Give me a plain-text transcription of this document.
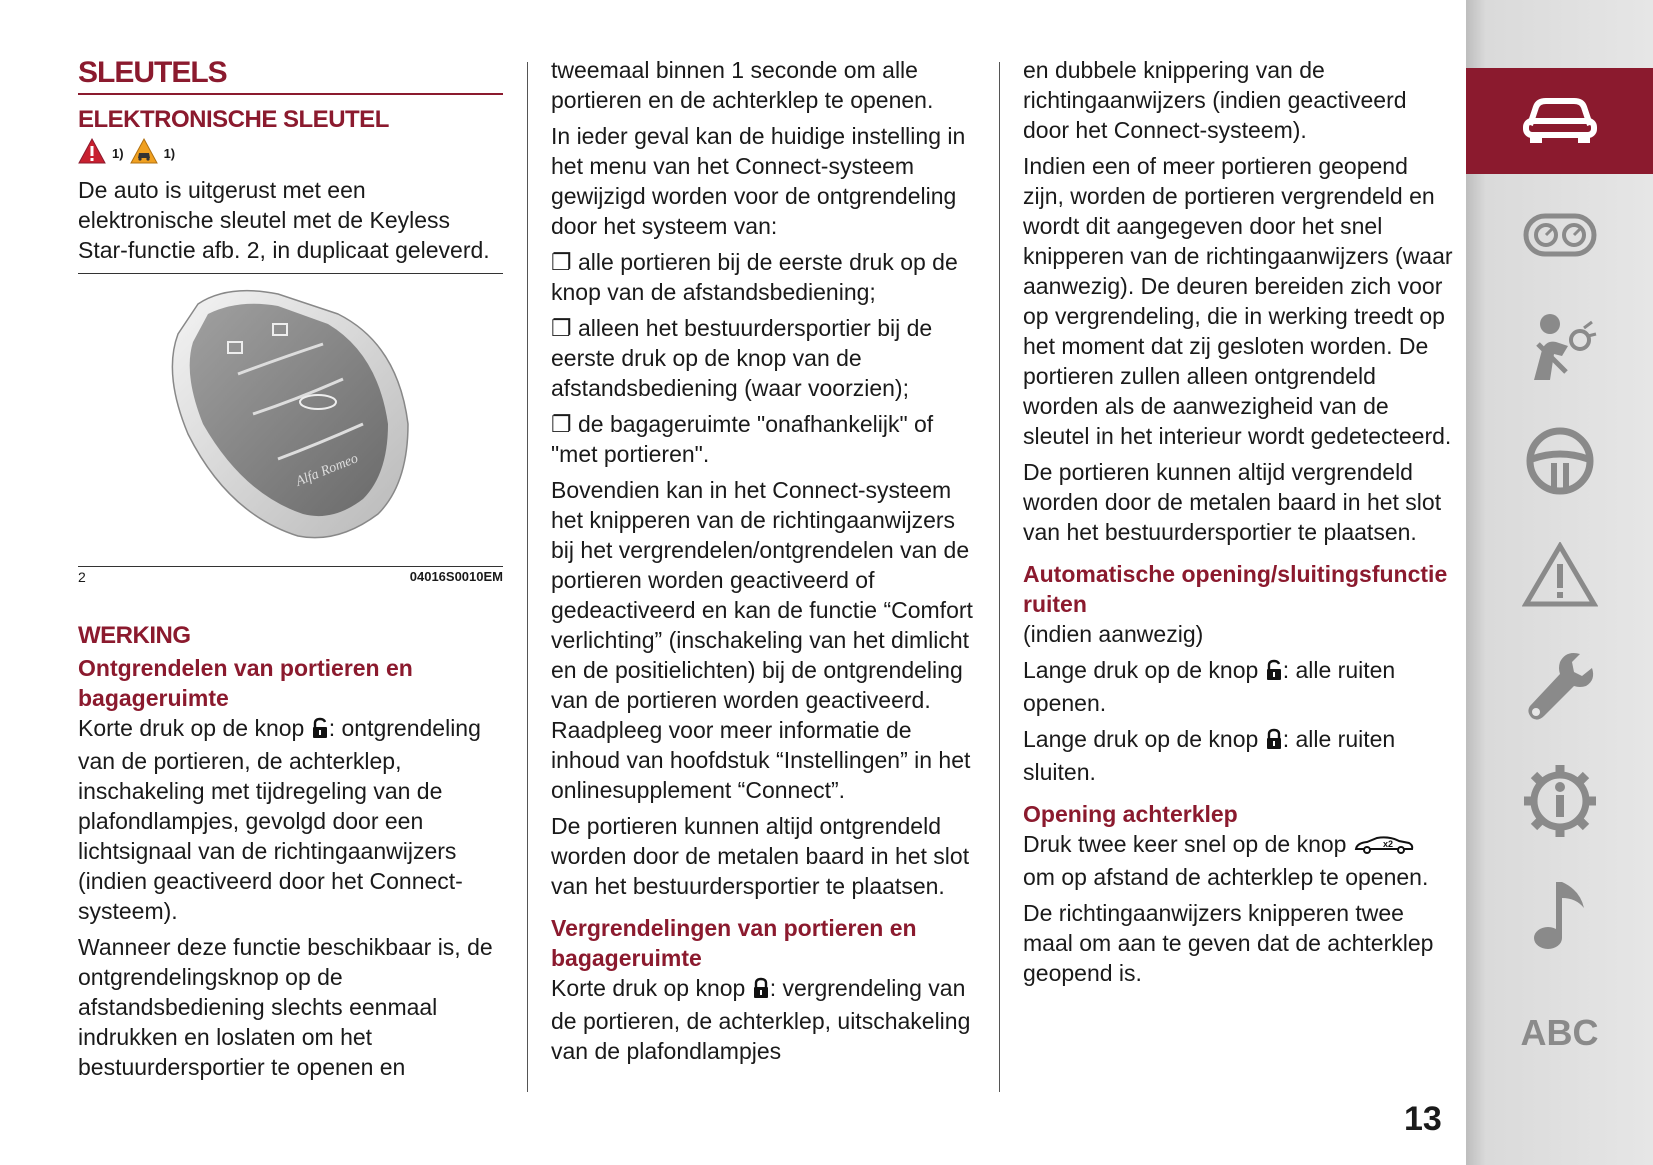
SLEUTELS
ELEKTRONISCHE SLEUTEL
1)	1)

De auto is uitgerust met een elektronische sleutel met de Keyless Star-functie afb. 2, in duplicaat geleverd.

Alfa Romeo
2	04016S0010EM
WERKING
Ontgrendelen van portieren en bagageruimte

Korte druk op de knop : ontgrendeling van de portieren, de achterklep, inschakeling met tijdregeling van de plafondlampjes, gevolgd door een lichtsignaal van de richtingaanwijzers (indien geactiveerd door het Connect-systeem).

Wanneer deze functie beschikbaar is, de ontgrendelingsknop op de afstandsbediening slechts eenmaal indrukken en loslaten om het bestuurdersportier te openen en

tweemaal binnen 1 seconde om alle portieren en de achterklep te openen.

In ieder geval kan de huidige instelling in het menu van het Connect-systeem gewijzigd worden voor de ontgrendeling door het systeem van:

❐ alle portieren bij de eerste druk op de knop van de afstandsbediening;

❐ alleen het bestuurdersportier bij de eerste druk op de knop van de afstandsbediening (waar voorzien);

❐ de bagageruimte "onafhankelijk" of "met portieren".

Bovendien kan in het Connect-systeem het knipperen van de richtingaanwijzers bij het vergrendelen/ontgrendelen van de portieren worden geactiveerd of gedeactiveerd en kan de functie “Comfort verlichting” (inschakeling van het dimlicht en de positielichten) bij de ontgrendeling van de portieren worden geactiveerd. Raadpleeg voor meer informatie de inhoud van hoofdstuk “Instellingen” in het onlinesupplement “Connect”.

De portieren kunnen altijd ontgrendeld worden door de metalen baard in het slot van het bestuurdersportier te plaatsen.

Vergrendelingen van portieren en bagageruimte

Korte druk op knop : vergrendeling van de portieren, de achterklep, uitschakeling van de plafondlampjes

en dubbele knippering van de richtingaanwijzers (indien geactiveerd door het Connect-systeem).

Indien een of meer portieren geopend zijn, worden de portieren vergrendeld en wordt dit aangegeven door het snel knipperen van de richtingaanwijzers (waar aanwezig). De deuren bereiden zich voor op vergrendeling, die in werking treedt op het moment dat zij gesloten worden. De portieren zullen alleen ontgrendeld worden als de aanwezigheid van de sleutel in het interieur wordt gedetecteerd.

De portieren kunnen altijd vergrendeld worden door de metalen baard in het slot van het bestuurdersportier te plaatsen.

Automatische opening/sluitingsfunctie ruiten

(indien aanwezig)

Lange druk op de knop : alle ruiten openen.

Lange druk op de knop : alle ruiten sluiten.

Opening achterklep

Druk twee keer snel op de knop	x2
om op afstand de achterklep te openen.

De richtingaanwijzers knipperen twee maal om aan te geven dat de achterklep geopend is.

ABC
13
